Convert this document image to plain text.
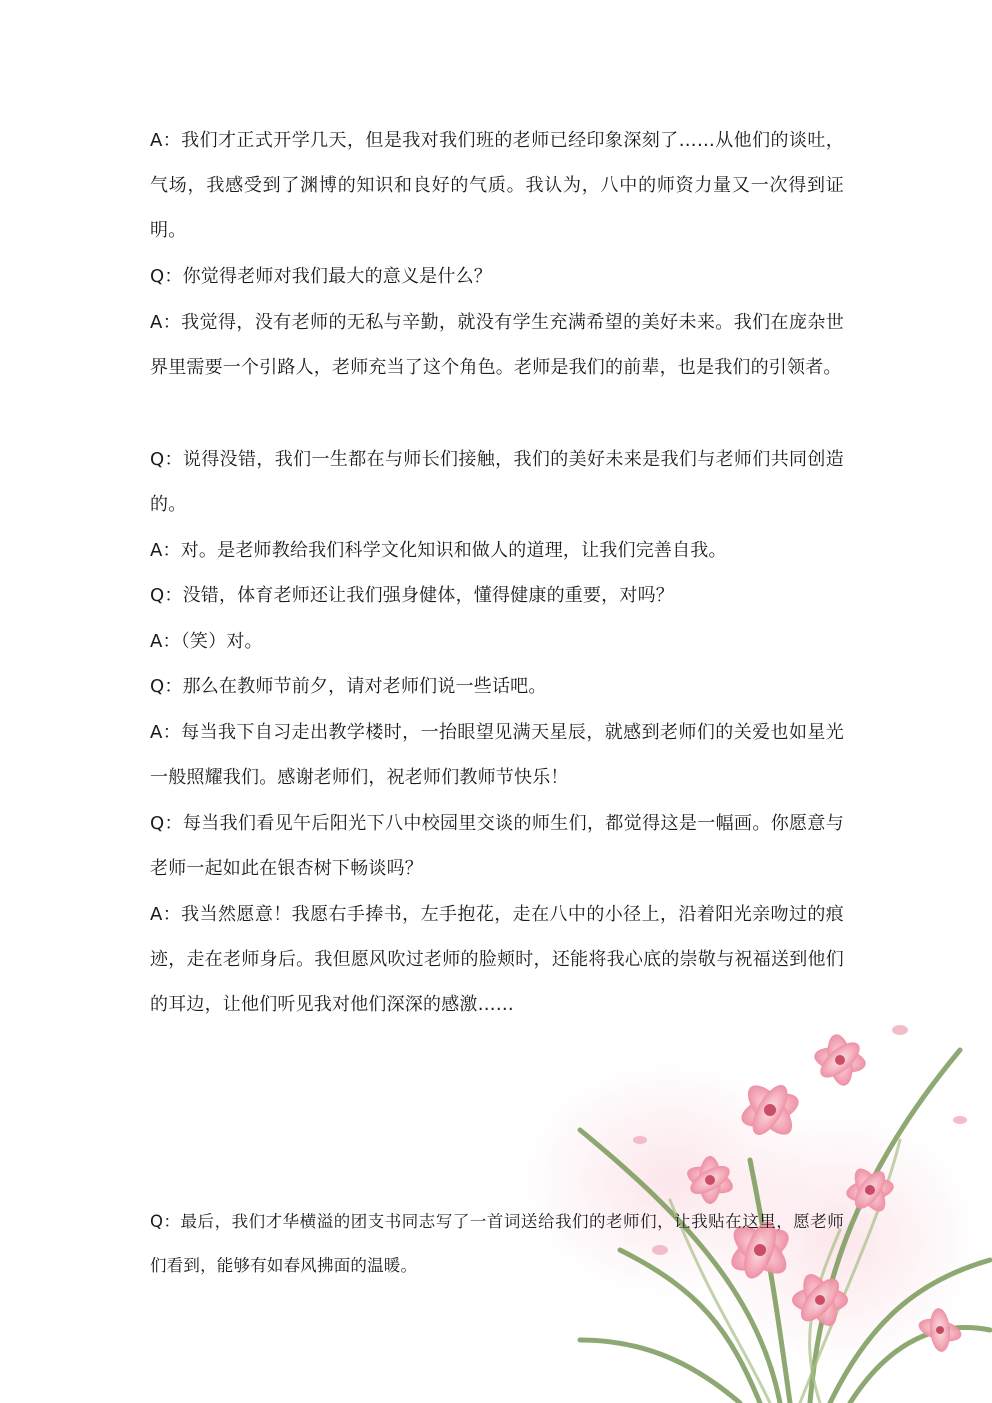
A：我们才正式开学几天，但是我对我们班的老师已经印象深刻了……从他们的谈吐，气场，我感受到了渊博的知识和良好的气质。我认为，八中的师资力量又一次得到证明。

Q：你觉得老师对我们最大的意义是什么？

A：我觉得，没有老师的无私与辛勤，就没有学生充满希望的美好未来。我们在庞杂世界里需要一个引路人，老师充当了这个角色。老师是我们的前辈，也是我们的引领者。

Q：说得没错，我们一生都在与师长们接触，我们的美好未来是我们与老师们共同创造的。

A：对。是老师教给我们科学文化知识和做人的道理，让我们完善自我。

Q：没错，体育老师还让我们强身健体，懂得健康的重要，对吗？

A：（笑）对。

Q：那么在教师节前夕，请对老师们说一些话吧。

A：每当我下自习走出教学楼时，一抬眼望见满天星辰，就感到老师们的关爱也如星光一般照耀我们。感谢老师们，祝老师们教师节快乐！

Q：每当我们看见午后阳光下八中校园里交谈的师生们，都觉得这是一幅画。你愿意与老师一起如此在银杏树下畅谈吗？

A：我当然愿意！我愿右手捧书，左手抱花，走在八中的小径上，沿着阳光亲吻过的痕迹，走在老师身后。我但愿风吹过老师的脸颊时，还能将我心底的崇敬与祝福送到他们的耳边，让他们听见我对他们深深的感激……

Q：最后，我们才华横溢的团支书同志写了一首词送给我们的老师们，让我贴在这里，愿老师们看到，能够有如春风拂面的温暖。
